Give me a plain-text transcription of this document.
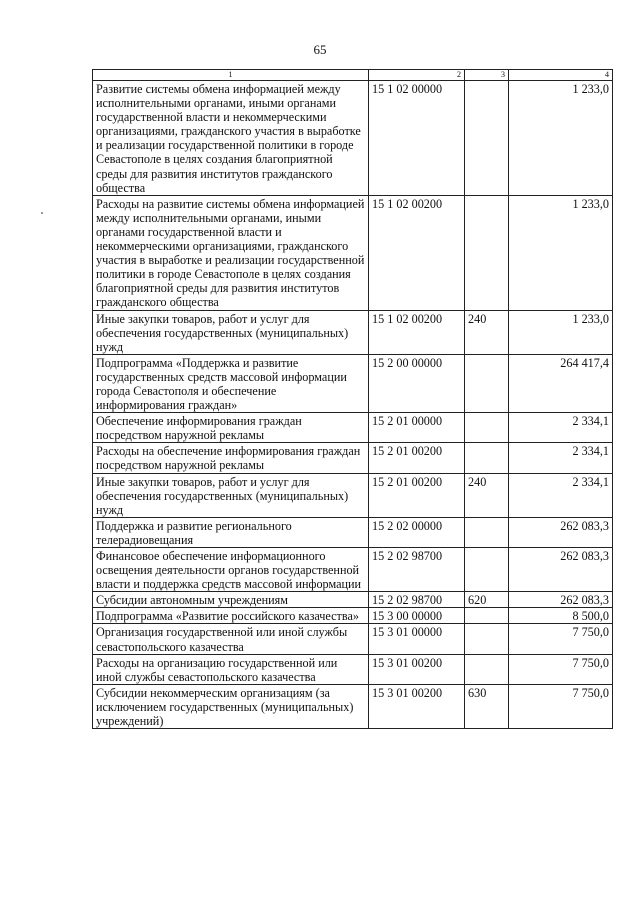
65
1	2	3	4
Развитие системы обмена информацией между исполнительными органами, иными органами государственной власти и некоммерческими организациями, гражданского участия в выработке и реализации государственной политики в городе Севастополе в целях создания благоприятной среды для развития институтов гражданского общества	15 1 02 00000		1 233,0
Расходы на развитие системы обмена информацией между исполнительными органами, иными органами государственной власти и некоммерческими организациями, гражданского участия в выработке и реализации государственной политики в городе Севастополе в целях создания благоприятной среды для развития институтов гражданского общества	15 1 02 00200		1 233,0
Иные закупки товаров, работ и услуг для обеспечения государственных (муниципальных) нужд	15 1 02 00200	240	1 233,0
Подпрограмма «Поддержка и развитие государственных средств массовой информации города Севастополя и обеспечение информирования граждан»	15 2 00 00000		264 417,4
Обеспечение информирования граждан посредством наружной рекламы	15 2 01 00000		2 334,1
Расходы на обеспечение информирования граждан посредством наружной рекламы	15 2 01 00200		2 334,1
Иные закупки товаров, работ и услуг для обеспечения государственных (муниципальных) нужд	15 2 01 00200	240	2 334,1
Поддержка и развитие регионального телерадиовещания	15 2 02 00000		262 083,3
Финансовое обеспечение информационного освещения деятельности органов государственной власти и поддержка средств массовой информации	15 2 02 98700		262 083,3
Субсидии автономным учреждениям	15 2 02 98700	620	262 083,3
Подпрограмма «Развитие российского казачества»	15 3 00 00000		8 500,0
Организация государственной или иной службы севастопольского казачества	15 3 01 00000		7 750,0
Расходы на организацию государственной или иной службы севастопольского казачества	15 3 01 00200		7 750,0
Субсидии некоммерческим организациям (за исключением государственных (муниципальных) учреждений)	15 3 01 00200	630	7 750,0
